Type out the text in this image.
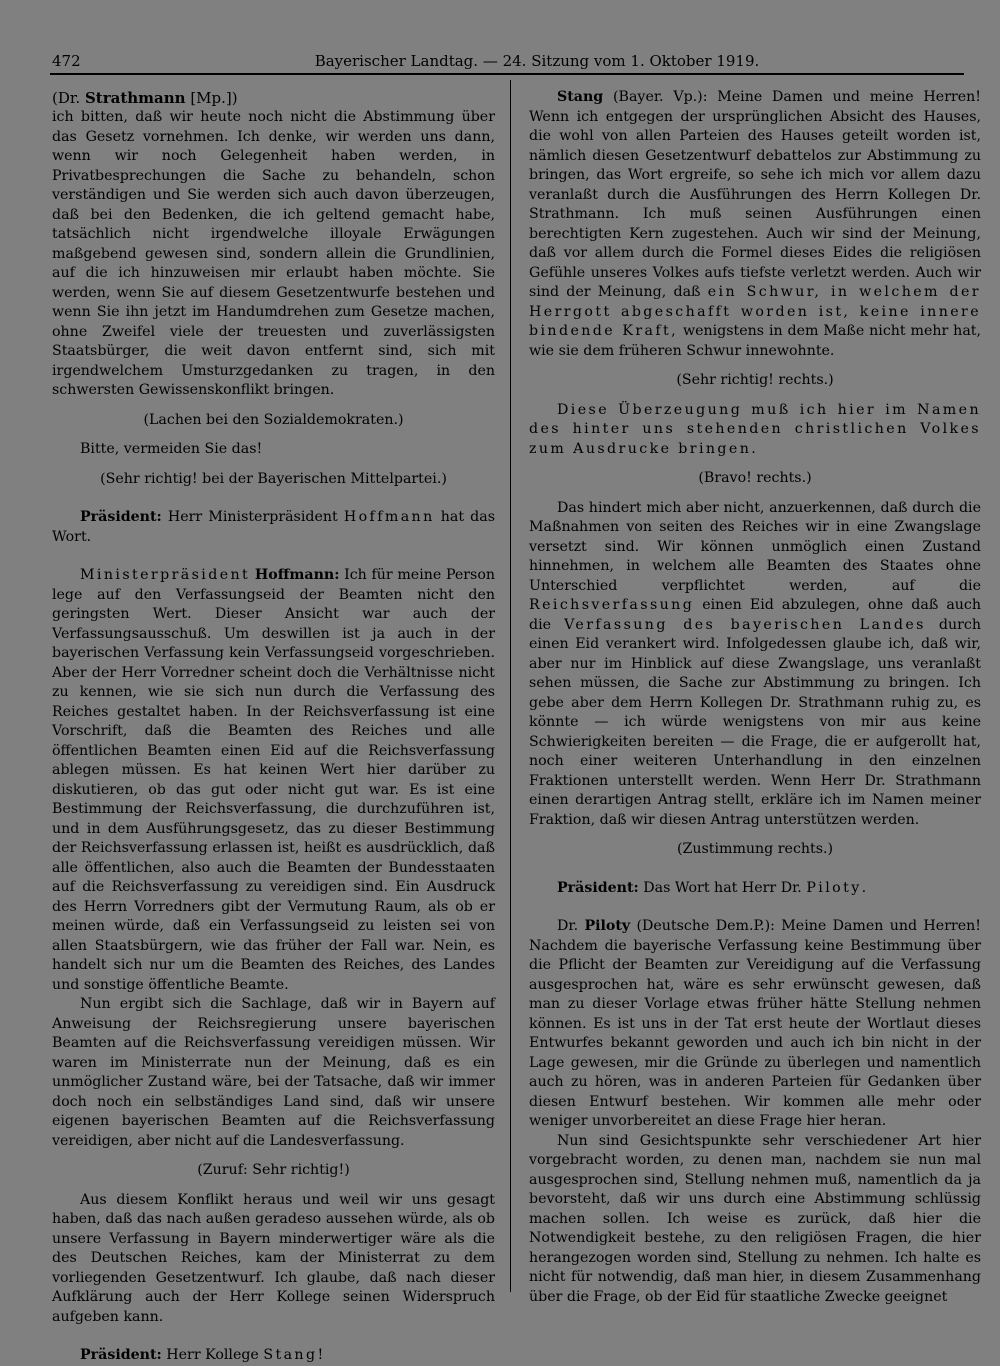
472	Bayerischer Landtag. — 24. Sitzung vom 1. Oktober 1919.

(Dr. Strathmann [Mp.])

ich bitten, daß wir heute noch nicht die Abstimmung über das Gesetz vornehmen. Ich denke, wir werden uns dann, wenn wir noch Gelegenheit haben werden, in Privatbesprechungen die Sache zu behandeln, schon verständigen und Sie werden sich auch davon überzeugen, daß bei den Bedenken, die ich geltend gemacht habe, tatsächlich nicht irgendwelche illoyale Erwägungen maßgebend gewesen sind, sondern allein die Grundlinien, auf die ich hinzuweisen mir erlaubt haben möchte. Sie werden, wenn Sie auf diesem Gesetzentwurfe bestehen und wenn Sie ihn jetzt im Handumdrehen zum Gesetze machen, ohne Zweifel viele der treuesten und zuverlässigsten Staatsbürger, die weit davon entfernt sind, sich mit irgendwelchem Umsturzgedanken zu tragen, in den schwersten Gewissenskonflikt bringen.

(Lachen bei den Sozialdemokraten.)

Bitte, vermeiden Sie das!

(Sehr richtig! bei der Bayerischen Mittelpartei.)

Präsident: Herr Ministerpräsident Hoffmann hat das Wort.

Ministerpräsident Hoffmann: Ich für meine Person lege auf den Verfassungseid der Beamten nicht den geringsten Wert. Dieser Ansicht war auch der Verfassungsausschuß. Um deswillen ist ja auch in der bayerischen Verfassung kein Verfassungseid vorgeschrieben. Aber der Herr Vorredner scheint doch die Verhältnisse nicht zu kennen, wie sie sich nun durch die Verfassung des Reiches gestaltet haben. In der Reichsverfassung ist eine Vorschrift, daß die Beamten des Reiches und alle öffentlichen Beamten einen Eid auf die Reichsverfassung ablegen müssen. Es hat keinen Wert hier darüber zu diskutieren, ob das gut oder nicht gut war. Es ist eine Bestimmung der Reichsverfassung, die durchzuführen ist, und in dem Ausführungsgesetz, das zu dieser Bestimmung der Reichsverfassung erlassen ist, heißt es ausdrücklich, daß alle öffentlichen, also auch die Beamten der Bundesstaaten auf die Reichsverfassung zu vereidigen sind. Ein Ausdruck des Herrn Vorredners gibt der Vermutung Raum, als ob er meinen würde, daß ein Verfassungseid zu leisten sei von allen Staatsbürgern, wie das früher der Fall war. Nein, es handelt sich nur um die Beamten des Reiches, des Landes und sonstige öffentliche Beamte.

Nun ergibt sich die Sachlage, daß wir in Bayern auf Anweisung der Reichsregierung unsere bayerischen Beamten auf die Reichsverfassung vereidigen müssen. Wir waren im Ministerrate nun der Meinung, daß es ein unmöglicher Zustand wäre, bei der Tatsache, daß wir immer doch noch ein selbständiges Land sind, daß wir unsere eigenen bayerischen Beamten auf die Reichsverfassung vereidigen, aber nicht auf die Landesverfassung.

(Zuruf: Sehr richtig!)

Aus diesem Konflikt heraus und weil wir uns gesagt haben, daß das nach außen geradeso aussehen würde, als ob unsere Verfassung in Bayern minderwertiger wäre als die des Deutschen Reiches, kam der Ministerrat zu dem vorliegenden Gesetzentwurf. Ich glaube, daß nach dieser Aufklärung auch der Herr Kollege seinen Widerspruch aufgeben kann.

Präsident: Herr Kollege Stang!

Stang (Bayer. Vp.): Meine Damen und meine Herren! Wenn ich entgegen der ursprünglichen Absicht des Hauses, die wohl von allen Parteien des Hauses geteilt worden ist, nämlich diesen Gesetzentwurf debattelos zur Abstimmung zu bringen, das Wort ergreife, so sehe ich mich vor allem dazu veranlaßt durch die Ausführungen des Herrn Kollegen Dr. Strathmann. Ich muß seinen Ausführungen einen berechtigten Kern zugestehen. Auch wir sind der Meinung, daß vor allem durch die Formel dieses Eides die religiösen Gefühle unseres Volkes aufs tiefste verletzt werden. Auch wir sind der Meinung, daß ein Schwur, in welchem der Herrgott abgeschafft worden ist, keine innere bindende Kraft, wenigstens in dem Maße nicht mehr hat, wie sie dem früheren Schwur innewohnte.

(Sehr richtig! rechts.)

Diese Überzeugung muß ich hier im Namen des hinter uns stehenden christlichen Volkes zum Ausdrucke bringen.

(Bravo! rechts.)

Das hindert mich aber nicht, anzuerkennen, daß durch die Maßnahmen von seiten des Reiches wir in eine Zwangslage versetzt sind. Wir können unmöglich einen Zustand hinnehmen, in welchem alle Beamten des Staates ohne Unterschied verpflichtet werden, auf die Reichsverfassung einen Eid abzulegen, ohne daß auch die Verfassung des bayerischen Landes durch einen Eid verankert wird. Infolgedessen glaube ich, daß wir, aber nur im Hinblick auf diese Zwangslage, uns veranlaßt sehen müssen, die Sache zur Abstimmung zu bringen. Ich gebe aber dem Herrn Kollegen Dr. Strathmann ruhig zu, es könnte — ich würde wenigstens von mir aus keine Schwierigkeiten bereiten — die Frage, die er aufgerollt hat, noch einer weiteren Unterhandlung in den einzelnen Fraktionen unterstellt werden. Wenn Herr Dr. Strathmann einen derartigen Antrag stellt, erkläre ich im Namen meiner Fraktion, daß wir diesen Antrag unterstützen werden.

(Zustimmung rechts.)

Präsident: Das Wort hat Herr Dr. Piloty.

Dr. Piloty (Deutsche Dem.P.): Meine Damen und Herren! Nachdem die bayerische Verfassung keine Bestimmung über die Pflicht der Beamten zur Vereidigung auf die Verfassung ausgesprochen hat, wäre es sehr erwünscht gewesen, daß man zu dieser Vorlage etwas früher hätte Stellung nehmen können. Es ist uns in der Tat erst heute der Wortlaut dieses Entwurfes bekannt geworden und auch ich bin nicht in der Lage gewesen, mir die Gründe zu überlegen und namentlich auch zu hören, was in anderen Parteien für Gedanken über diesen Entwurf bestehen. Wir kommen alle mehr oder weniger unvorbereitet an diese Frage hier heran.

Nun sind Gesichtspunkte sehr verschiedener Art hier vorgebracht worden, zu denen man, nachdem sie nun mal ausgesprochen sind, Stellung nehmen muß, namentlich da ja bevorsteht, daß wir uns durch eine Abstimmung schlüssig machen sollen. Ich weise es zurück, daß hier die Notwendigkeit bestehe, zu den religiösen Fragen, die hier herangezogen worden sind, Stellung zu nehmen. Ich halte es nicht für notwendig, daß man hier, in diesem Zusammenhang über die Frage, ob der Eid für staatliche Zwecke geeignet
